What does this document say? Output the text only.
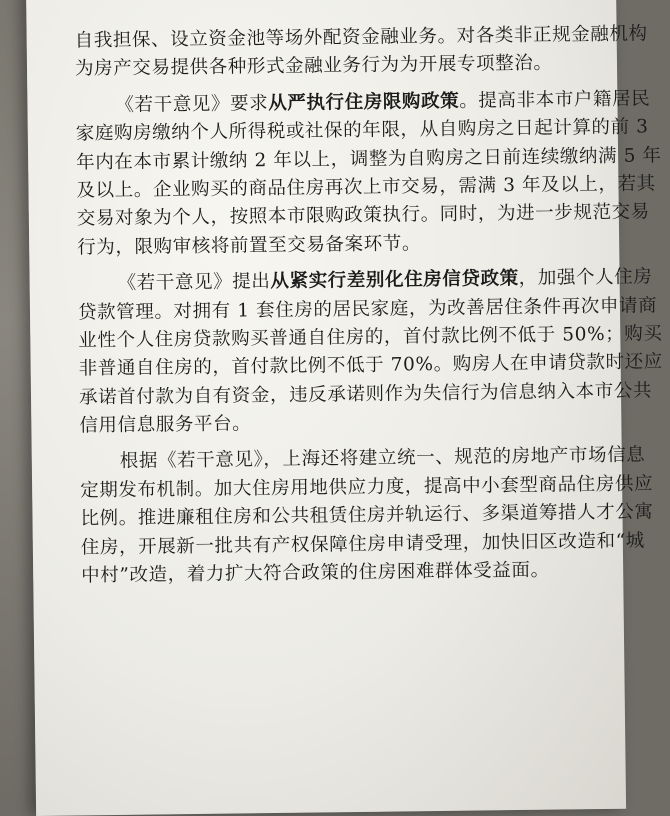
自我担保、设立资金池等场外配资金融业务。对各类非正规金融机构
为房产交易提供各种形式金融业务行为为开展专项整治。
《若干意见》要求从严执行住房限购政策。提高非本市户籍居民
家庭购房缴纳个人所得税或社保的年限，从自购房之日起计算的前 3
年内在本市累计缴纳 2 年以上，调整为自购房之日前连续缴纳满 5 年
及以上。企业购买的商品住房再次上市交易，需满 3 年及以上，若其
交易对象为个人，按照本市限购政策执行。同时，为进一步规范交易
行为，限购审核将前置至交易备案环节。
《若干意见》提出从紧实行差别化住房信贷政策，加强个人住房
贷款管理。对拥有 1 套住房的居民家庭，为改善居住条件再次申请商
业性个人住房贷款购买普通自住房的，首付款比例不低于 50%；购买
非普通自住房的，首付款比例不低于 70%。购房人在申请贷款时还应
承诺首付款为自有资金，违反承诺则作为失信行为信息纳入本市公共
信用信息服务平台。
根据《若干意见》，上海还将建立统一、规范的房地产市场信息
定期发布机制。加大住房用地供应力度，提高中小套型商品住房供应
比例。推进廉租住房和公共租赁住房并轨运行、多渠道筹措人才公寓
住房，开展新一批共有产权保障住房申请受理，加快旧区改造和“城
中村”改造，着力扩大符合政策的住房困难群体受益面。
